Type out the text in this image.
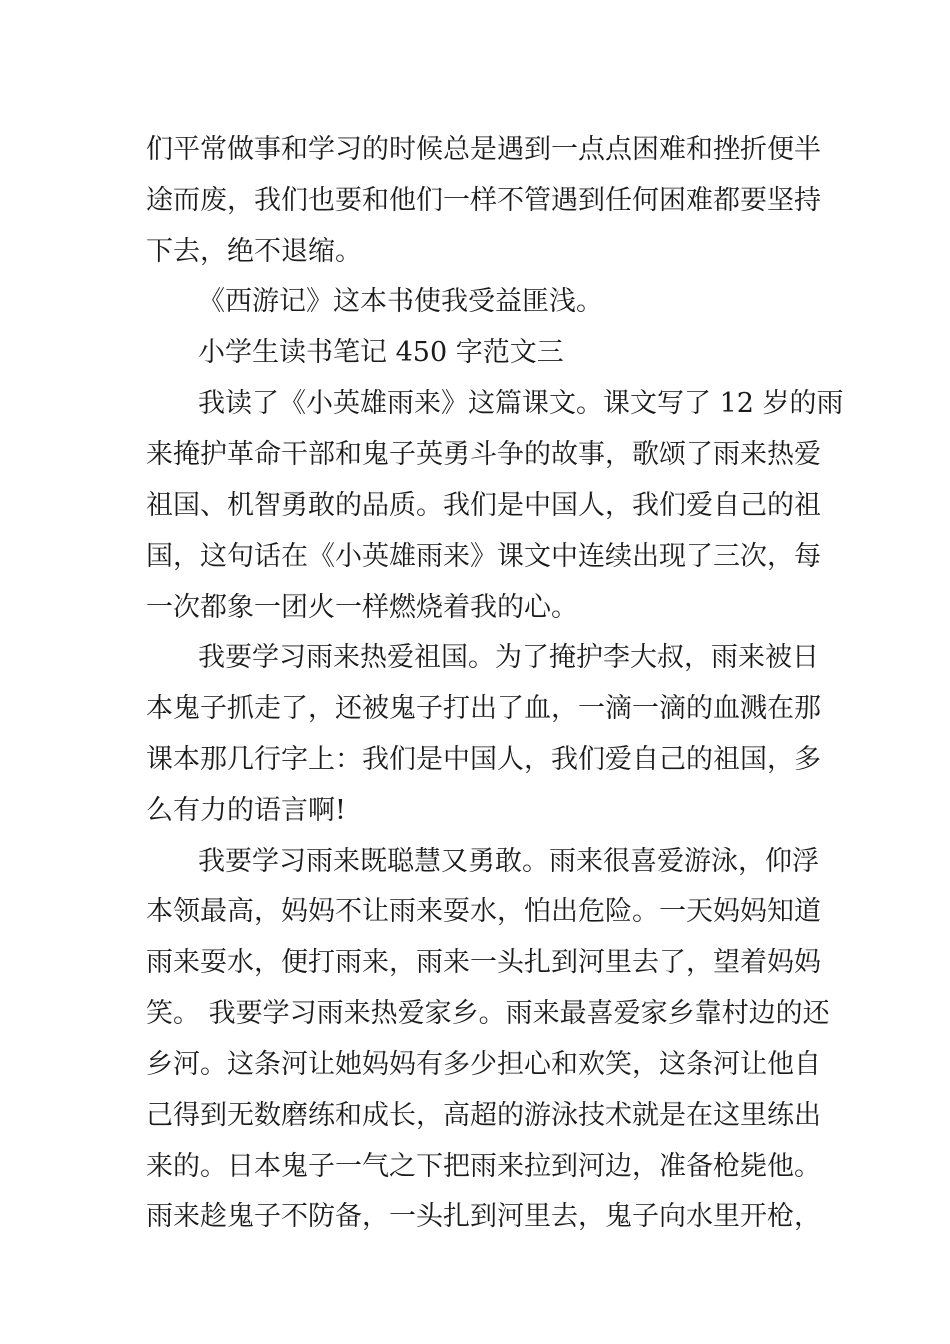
们平常做事和学习的时候总是遇到一点点困难和挫折便半

途而废，我们也要和他们一样不管遇到任何困难都要坚持

下去，绝不退缩。

《西游记》这本书使我受益匪浅。

小学生读书笔记 450 字范文三

我读了《小英雄雨来》这篇课文。课文写了 12 岁的雨

来掩护革命干部和鬼子英勇斗争的故事，歌颂了雨来热爱

祖国、机智勇敢的品质。我们是中国人，我们爱自己的祖

国，这句话在《小英雄雨来》课文中连续出现了三次，每

一次都象一团火一样燃烧着我的心。

我要学习雨来热爱祖国。为了掩护李大叔，雨来被日

本鬼子抓走了，还被鬼子打出了血，一滴一滴的血溅在那

课本那几行字上：我们是中国人，我们爱自己的祖国，多

么有力的语言啊!

我要学习雨来既聪慧又勇敢。雨来很喜爱游泳，仰浮

本领最高，妈妈不让雨来耍水，怕出危险。一天妈妈知道

雨来耍水，便打雨来，雨来一头扎到河里去了，望着妈妈

笑。 我要学习雨来热爱家乡。雨来最喜爱家乡靠村边的还

乡河。这条河让她妈妈有多少担心和欢笑，这条河让他自

己得到无数磨练和成长，高超的游泳技术就是在这里练出

来的。日本鬼子一气之下把雨来拉到河边，准备枪毙他。

雨来趁鬼子不防备，一头扎到河里去，鬼子向水里开枪，
